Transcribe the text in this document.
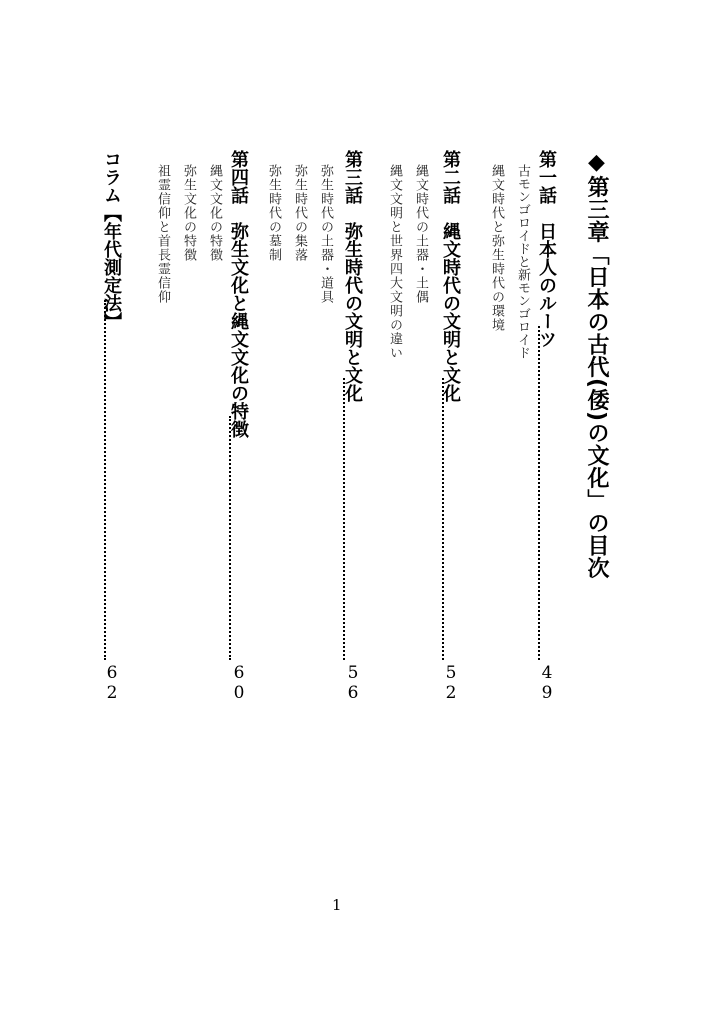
◆第三章「日本の古代(倭)の文化」の目次
第一話　日本人のルーツ
49
古モンゴロイドと新モンゴロイド
縄文時代と弥生時代の環境
第二話　縄文時代の文明と文化
52
縄文時代の土器・土偶
縄文文明と世界四大文明の違い
第三話　弥生時代の文明と文化
56
弥生時代の土器・道具
弥生時代の集落
弥生時代の墓制
第四話　弥生文化と縄文文化の特徴
60
縄文文化の特徴
弥生文化の特徴
祖霊信仰と首長霊信仰
コラム【年代測定法】
62
1
